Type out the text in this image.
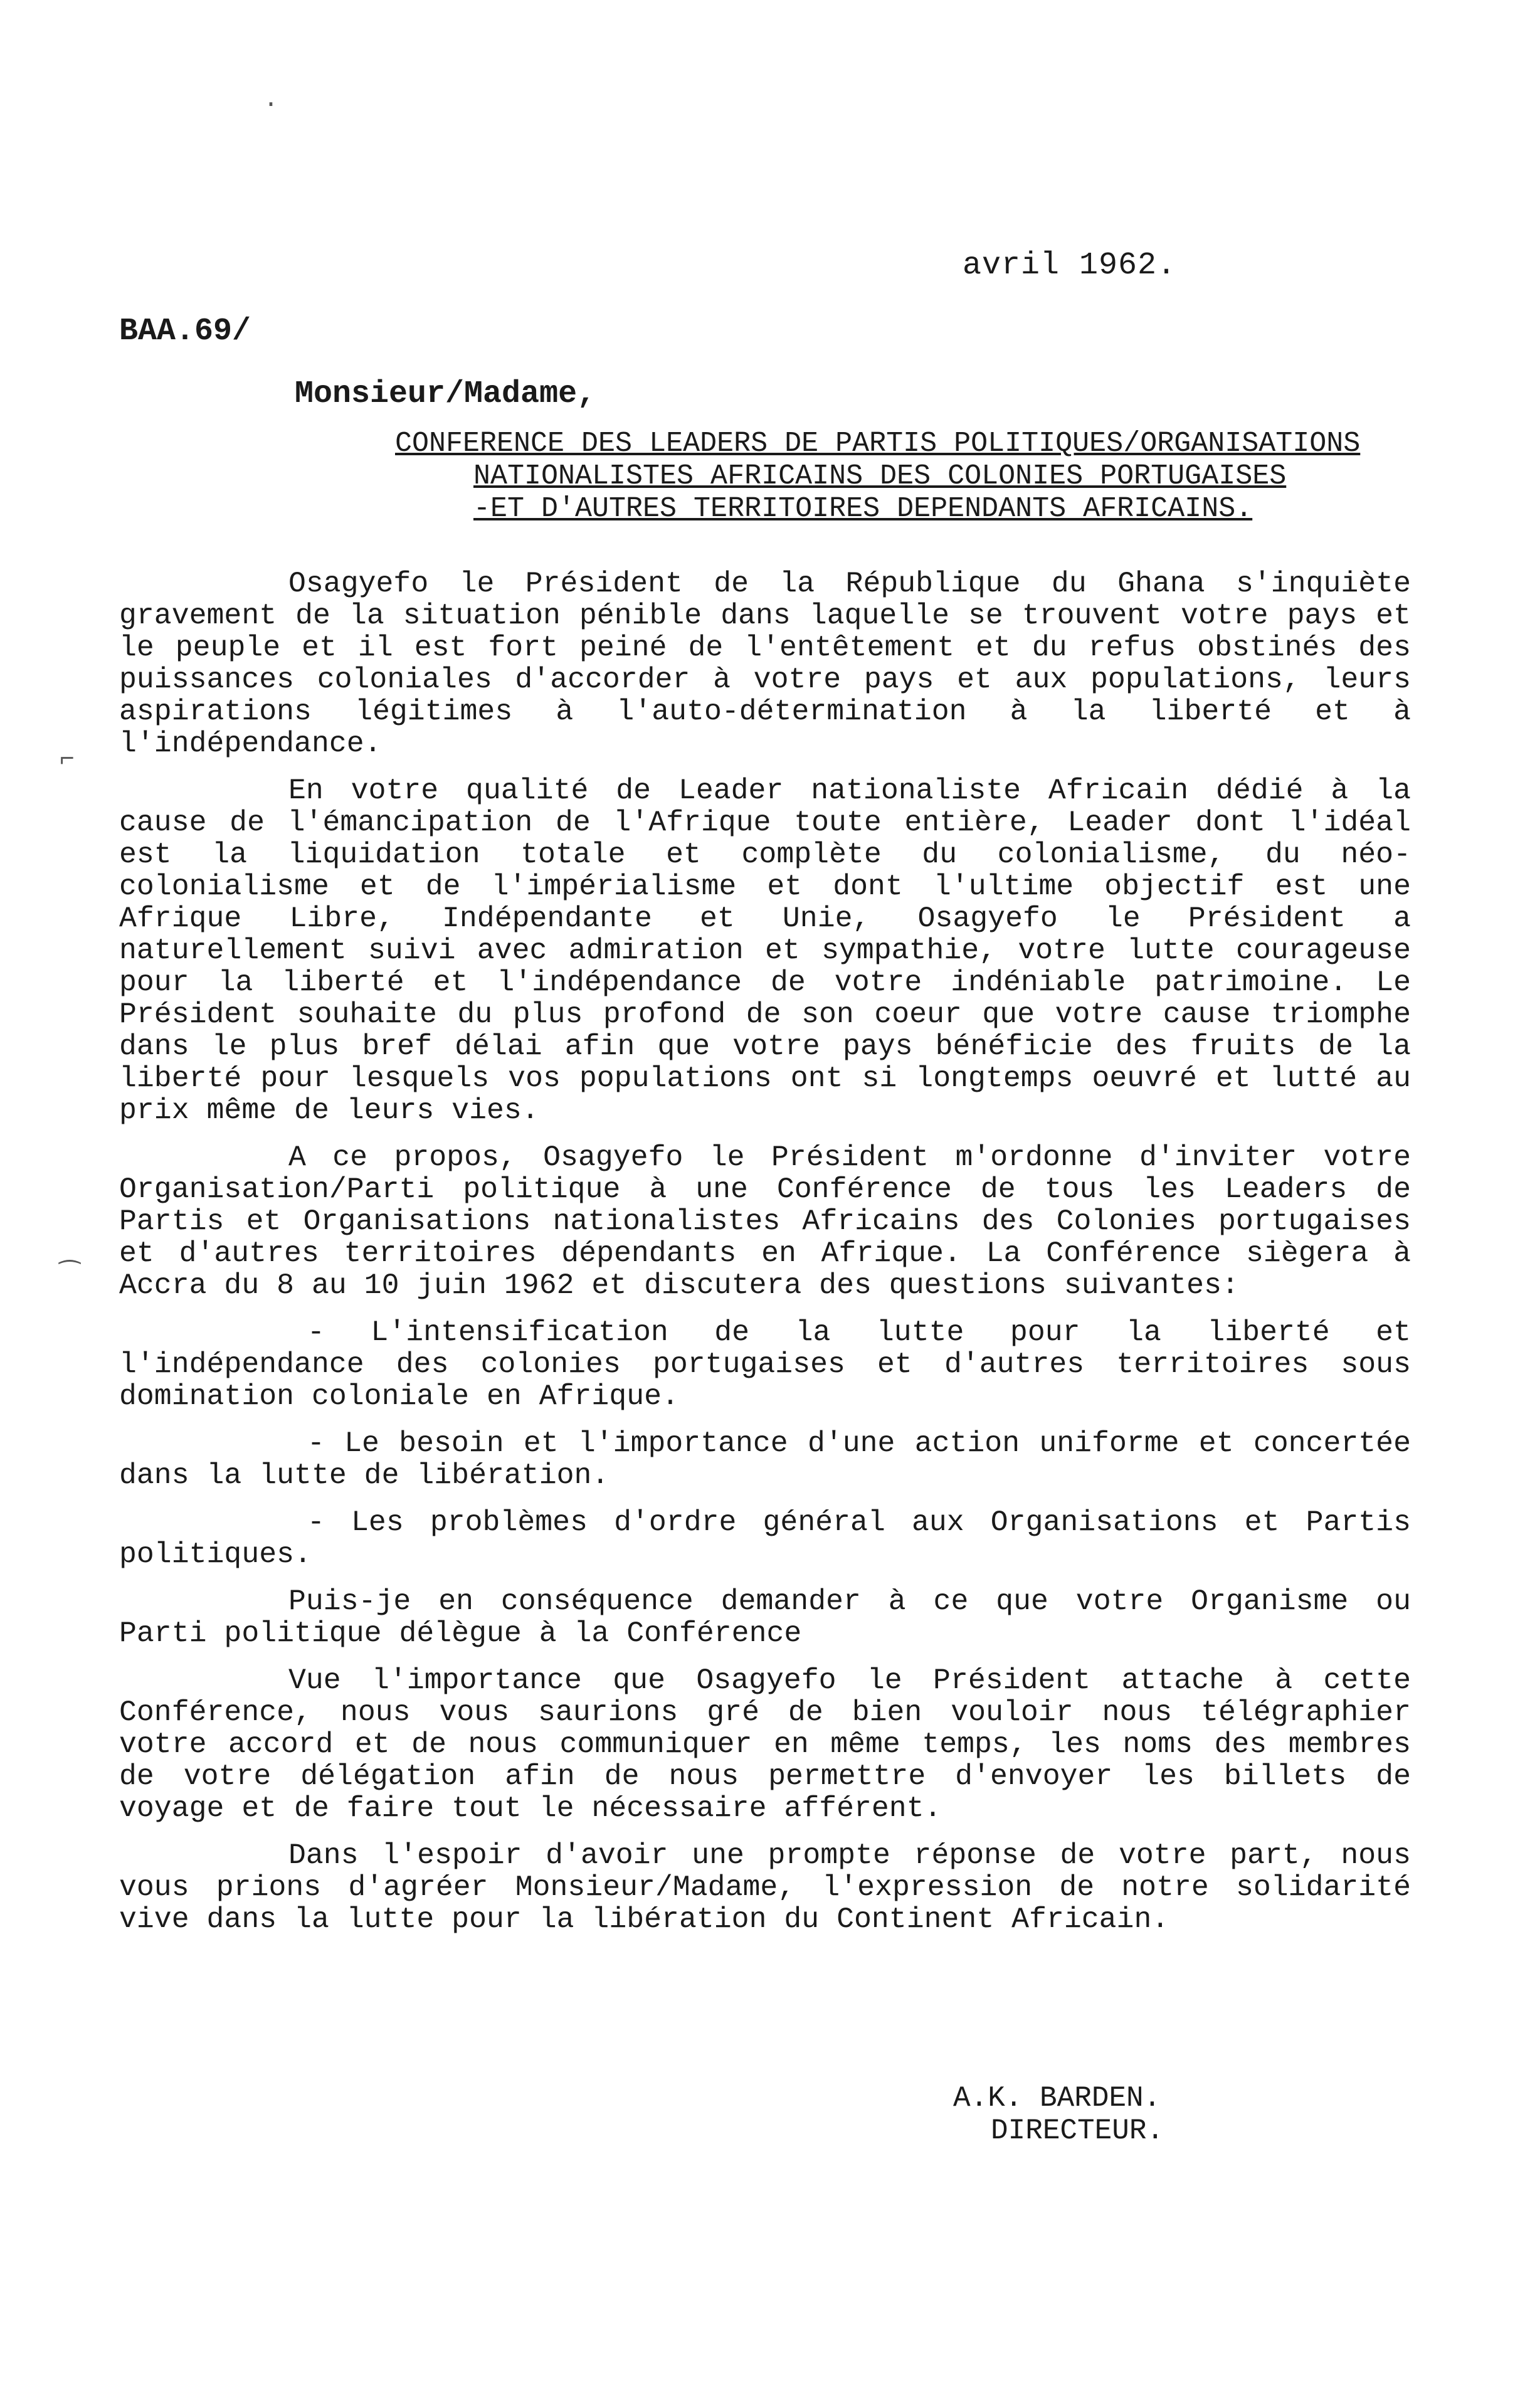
avril 1962.
BAA.69/
Monsieur/Madame,
CONFERENCE DES LEADERS DE PARTIS POLITIQUES/ORGANISATIONS
NATIONALISTES AFRICAINS DES COLONIES PORTUGAISES
-ET D'AUTRES TERRITOIRES DEPENDANTS AFRICAINS.

Osagyefo le Président de la République du Ghana s'inquiète gravement de la situation pénible dans laquelle se trouvent votre pays et le peuple et il est fort peiné de l'entêtement et du refus obstinés des puissances coloniales d'accorder à votre pays et aux populations, leurs aspirations légitimes à l'auto-détermination à la liberté et à l'indépendance.

En votre qualité de Leader nationaliste Africain dédié à la cause de l'émancipation de l'Afrique toute entière, Leader dont l'idéal est la liquidation totale et complète du colonialisme, du néo-colonialisme et de l'impérialisme et dont l'ultime objectif est une Afrique Libre, Indépendante et Unie, Osagyefo le Président a naturellement suivi avec admiration et sympathie, votre lutte courageuse pour la liberté et l'indépendance de votre indéniable patrimoine. Le Président souhaite du plus profond de son coeur que votre cause triomphe dans le plus bref délai afin que votre pays bénéficie des fruits de la liberté pour lesquels vos populations ont si longtemps oeuvré et lutté au prix même de leurs vies.

A ce propos, Osagyefo le Président m'ordonne d'inviter votre Organisation/Parti politique à une Conférence de tous les Leaders de Partis et Organisations nationalistes Africains des Colonies portugaises et d'autres territoires dépendants en Afrique. La Conférence siègera à Accra du 8 au 10 juin 1962 et discutera des questions suivantes:

- L'intensification de la lutte pour la liberté et l'indépendance des colonies portugaises et d'autres territoires sous domination coloniale en Afrique.

- Le besoin et l'importance d'une action uniforme et concertée dans la lutte de libération.

- Les problèmes d'ordre général aux Organisations et Partis politiques.

Puis-je en conséquence demander à ce que votre Organisme ou Parti politique délègue à la Conférence

Vue l'importance que Osagyefo le Président attache à cette Conférence, nous vous saurions gré de bien vouloir nous télégraphier votre accord et de nous communiquer en même temps, les noms des membres de votre délégation afin de nous permettre d'envoyer les billets de voyage et de faire tout le nécessaire afférent.

Dans l'espoir d'avoir une prompte réponse de votre part, nous vous prions d'agréer Monsieur/Madame, l'expression de notre solidarité vive dans la lutte pour la libération du Continent Africain.

A.K. BARDEN.
DIRECTEUR.
·
⌐
⁀
